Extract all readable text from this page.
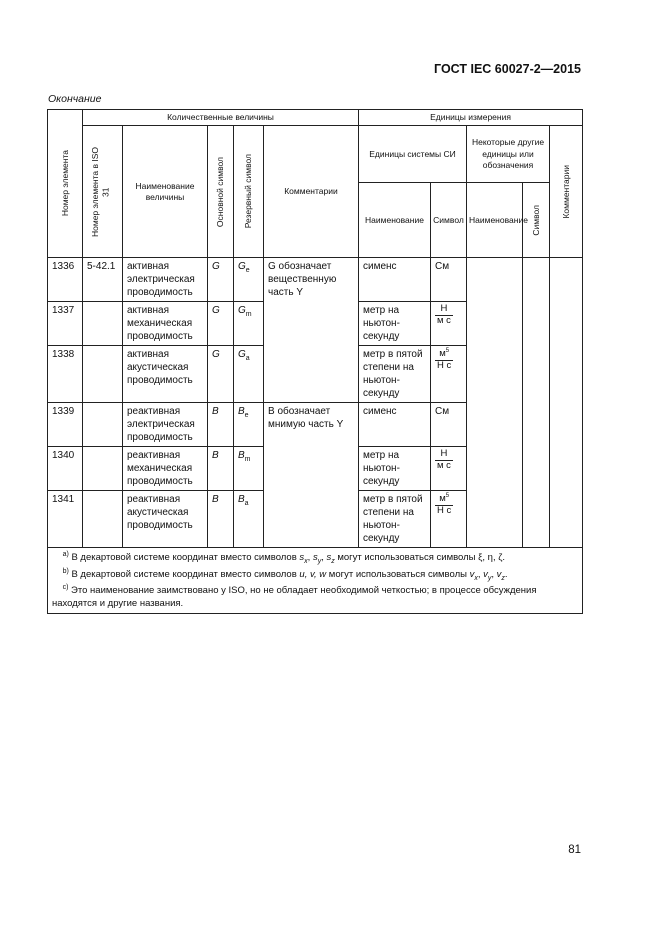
ГОСТ IEC 60027-2—2015
Окончание
Номер элемента	Количественные величины					Единицы измерения				

	Номер элемента в ISO 31	Наименование величины	Основной символ	Резервный символ	Комментарии	Единицы системы СИ		Некоторые другие единицы или обозначения		Комментарии

						Наименование	Символ	Наименование	Символ	

1336	5-42.1	активная электрическая проводимость	G	$G_e$	G обозначает вещественную часть Y	сименс	См			
1337		активная механическая проводимость	G	$G_m$		метр на ньютон-секунду	$\frac{Н}{\text{м с}}$

1338		активная акустическая проводимость	G	$G_a$		метр в пятой степени на ньютон-секунду	$\frac{м^5}{\text{Н с}}$

1339		реактивная электрическая проводимость	B	$B_e$	B обозначает мнимую часть Y	сименс	См			
1340		реактивная механическая проводимость	B	$B_m$		метр на ньютон-секунду	$\frac{Н}{\text{м с}}$

1341		реактивная акустическая проводимость	B	$B_a$		метр в пятой степени на ньютон-секунду	$\frac{м^5}{\text{Н с}}$

$^{а)}$ В декартовой системе координат вместо символов $s_x$, $s_y$, $s_z$ могут использоваться символы ξ, η, ζ.
$^{b)}$ В декартовой системе координат вместо символов u, v, w могут использоваться символы $v_x$, $v_y$, $v_z$.
$^{c)}$ Это наименование заимствовано у ISO, но не обладает необходимой четкостью; в процессе обсуждения находятся и другие названия.										
81
